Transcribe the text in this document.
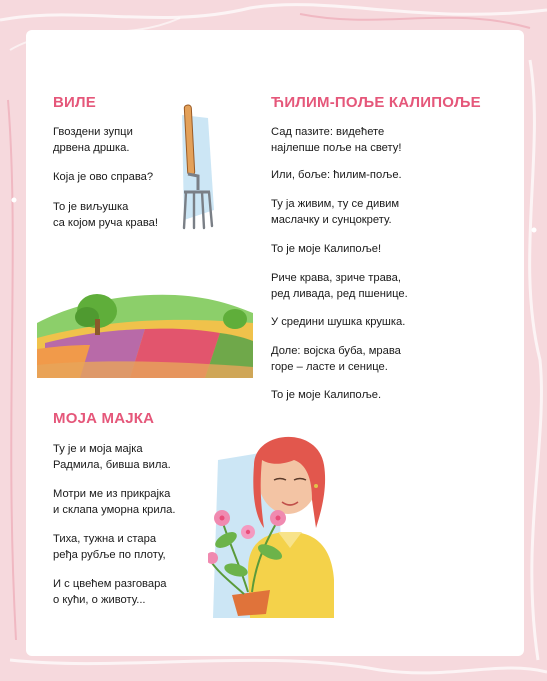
ВИЛЕ

Гвоздени зупци
дрвена дршка.

Која је ово справа?

То је виљушка
са којом руча крава!

ЋИЛИМ-ПОЉЕ КАЛИПОЉЕ

Сад пазите: видећете
најлепше поље на свету!

Или, боље: ћилим-поље.

Ту ја живим, ту се дивим
маслачку и сунцокрету.

То је моје Калипоље!

Риче крава, зриче трава,
ред ливада, ред пшенице.

У средини шушка крушка.

Доле: војска буба, мрава
горе – ласте и сенице.

То је моје Калипоље.

МОЈА МАЈКА

Ту је и моја мајка
Радмила, бивша вила.

Мотри ме из прикрајка
и склапа уморна крила.

Тиха, тужна и стара
рeђа рубље по плоту,

И с цвећем разговара
о кући, о животу...
